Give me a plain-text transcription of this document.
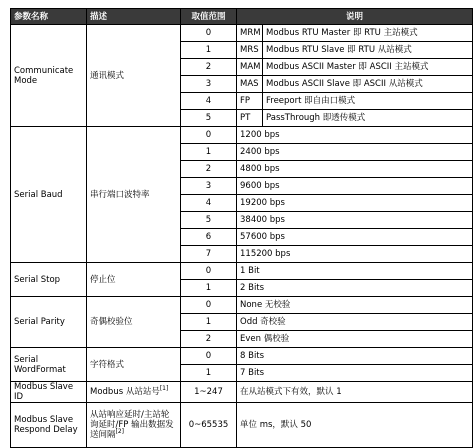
参数名称	描述	取值范围	说明	
Communicate Mode	通讯模式	0	MRM	Modbus RTU Master 即 RTU 主站模式
		1	MRS	Modbus RTU Slave 即 RTU 从站模式
		2	MAM	Modbus ASCII Master 即 ASCII 主站模式
		3	MAS	Modbus ASCII Slave 即 ASCII 从站模式
		4	FP	Freeport 即自由口模式
		5	PT	PassThrough 即透传模式
Serial Baud	串行端口波特率	0	1200 bps	
		1	2400 bps	
		2	4800 bps	
		3	9600 bps	
		4	19200 bps	
		5	38400 bps	
		6	57600 bps	
		7	115200 bps	
Serial Stop	停止位	0	1 Bit	
		1	2 Bits	
Serial Parity	奇偶校验位	0	None 无校验	
		1	Odd 奇校验	
		2	Even 偶校验	
Serial WordFormat	字符格式	0	8 Bits	
		1	7 Bits	
Modbus Slave ID	Modbus 从站站号[1]	1~247	在从站模式下有效，默认 1	
Modbus Slave Respond Delay	从站响应延时/主站轮询延时/FP 输出数据发送间隔[2]	0~65535	单位 ms，默认 50	
